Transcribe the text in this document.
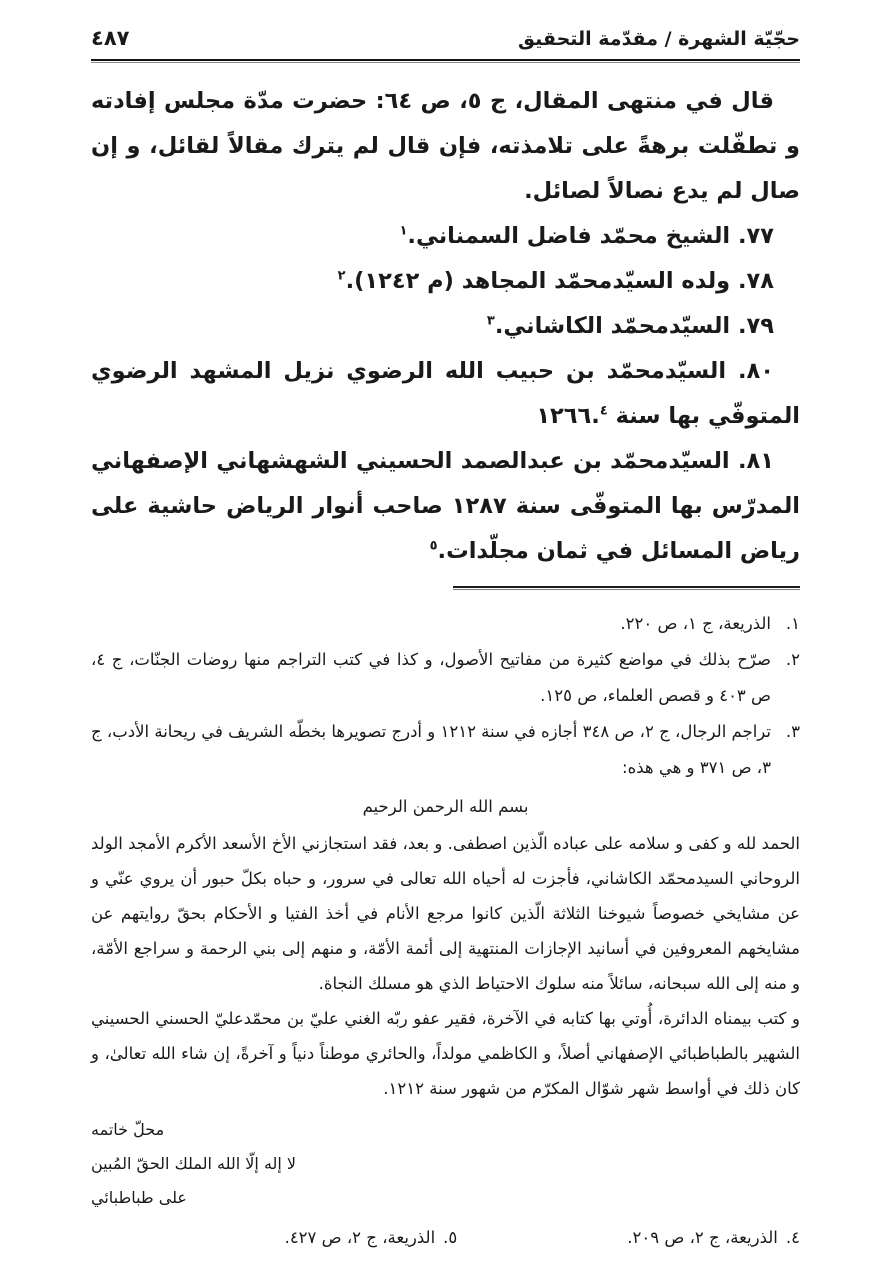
حجّيّة الشهرة / مقدّمة التحقيق
٤٨٧

قال في منتهى المقال، ج ٥، ص ٦٤: حضرت مدّة مجلس إفادته و تطفّلت برهةً على تلامذته، فإن قال لم يترك مقالاً لقائل، و إن صال لم يدع نصالاً لصائل.

٧٧. الشيخ محمّد فاضل السمناني.$^١$

٧٨. ولده السيّدمحمّد المجاهد (م ١٢٤٢).$^٢$

٧٩. السيّدمحمّد الكاشاني.$^٣$

٨٠. السيّدمحمّد بن حبيب الله الرضوي نزيل المشهد الرضوي المتوفّي بها سنة ١٢٦٦.$^٤$

٨١. السيّدمحمّد بن عبدالصمد الحسيني الشهشهاني الإصفهاني المدرّس بها المتوفّى سنة ١٢٨٧ صاحب أنوار الرياض حاشية على رياض المسائل في ثمان مجلّدات.$^٥$

١.
الذريعة، ج ١، ص ٢٢٠.
٢.
صرّح بذلك في مواضع كثيرة من مفاتيح الأصول، و كذا في كتب التراجم منها روضات الجنّات، ج ٤، ص ٤٠٣ و قصص العلماء، ص ١٢٥.
٣.
تراجم الرجال، ج ٢، ص ٣٤٨ أجازه في سنة ١٢١٢ و أدرج تصويرها بخطّه الشريف في ريحانة الأدب، ج ٣، ص ٣٧١ و هي هذه:

بسم الله الرحمن الرحيم

الحمد لله و كفى و سلامه على عباده الّذين اصطفى. و بعد، فقد استجازني الأخ الأسعد الأكرم الأمجد الولد الروحاني السيدمحمّد الكاشاني، فأجزت له أحياه الله تعالى في سرور، و حباه بكلّ حبور أن يروي عنّي و عن مشايخي خصوصاً شيوخنا الثلاثة الّذين كانوا مرجع الأنام في أخذ الفتيا و الأحكام بحقّ روايتهم عن مشايخهم المعروفين في أسانيد الإجازات المنتهية إلى أئمة الأمّة، و منهم إلى بني الرحمة و سراجع الأمّة، و منه إلى الله سبحانه، سائلاً منه سلوك الاحتياط الذي هو مسلك النجاة.

و كتب بيمناه الدائرة، أُوتي بها كتابه في الآخرة، فقير عفو ربّه الغني عليّ بن محمّدعليّ الحسني الحسيني الشهير بالطباطبائي الإصفهاني أصلاً، و الكاظمي مولداً، والحائري موطناً دنياً و آخرةً، إن شاء الله تعالىٰ، و كان ذلك في أواسط شهر شوّال المكرّم من شهور سنة ١٢١٢.

محلّ خاتمه
لا إله إلّا الله الملك الحقّ المُبين
على طباطبائي
٤.
الذريعة، ج ٢، ص ٢٠٩.
٥.
الذريعة، ج ٢، ص ٤٢٧.
